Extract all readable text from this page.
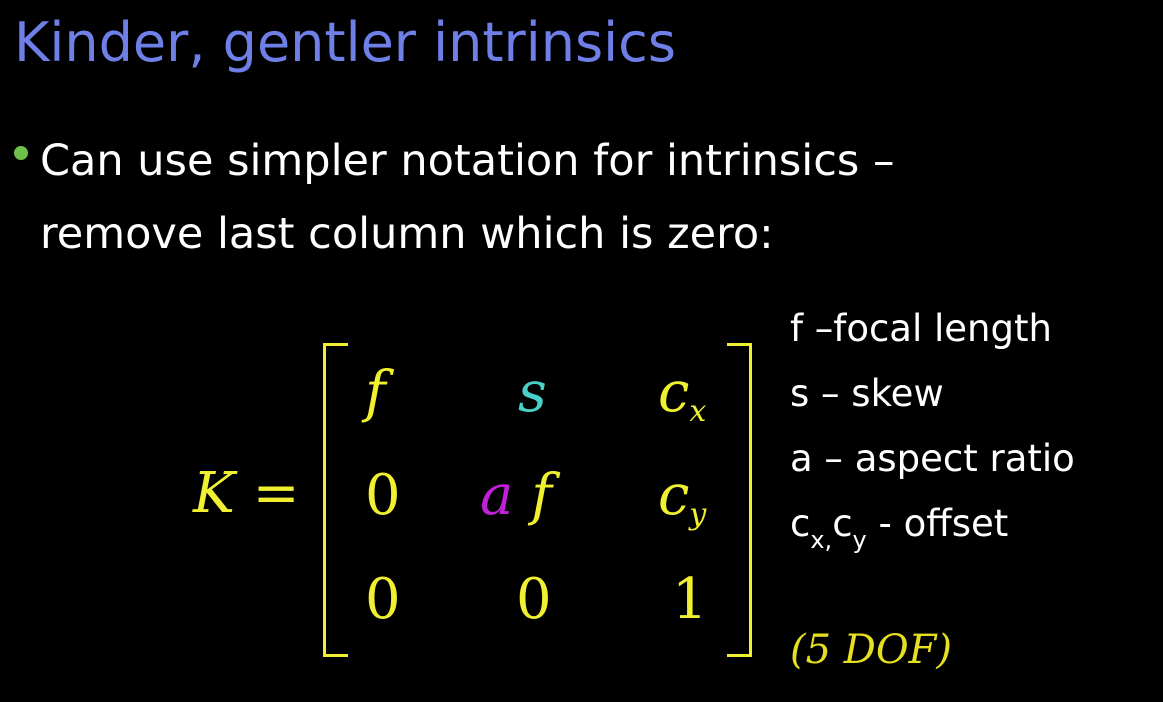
Kinder, gentler intrinsics
Can use simpler notation for intrinsics –
remove last column which is zero:
K =
f s cx
0 a f cy
0 0 1
f –focal length
s – skew
a – aspect ratio
$c_{x,}c_y$ - offset
(5 DOF)
